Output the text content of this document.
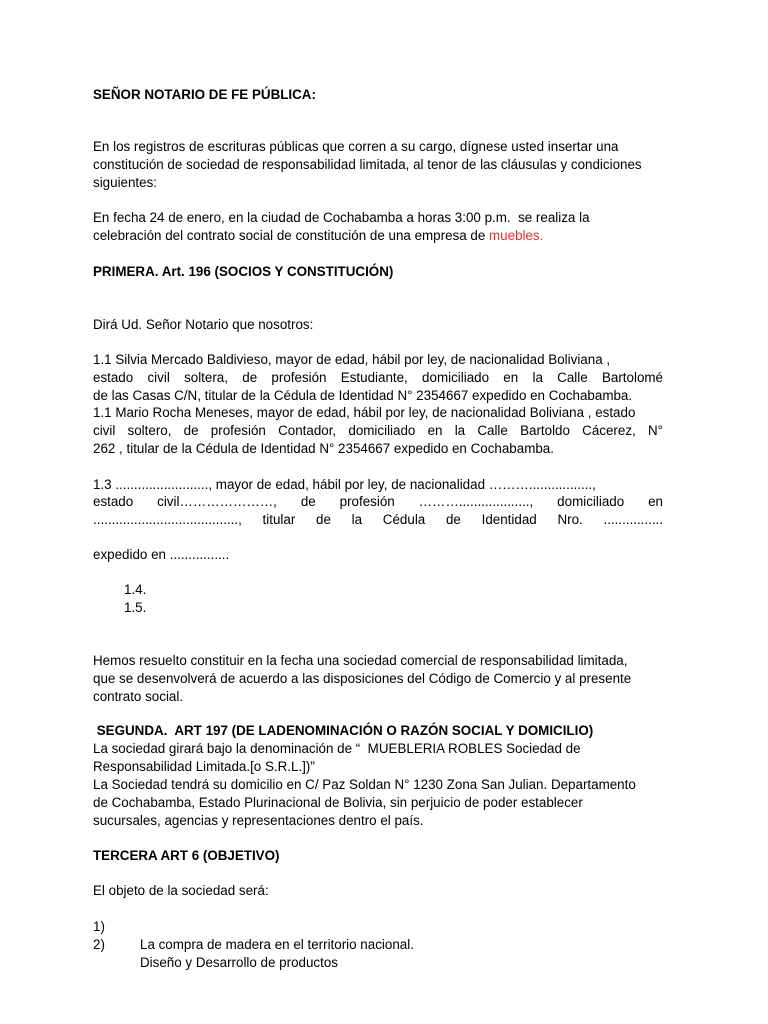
SEÑOR NOTARIO DE FE PÚBLICA:

En los registros de escrituras públicas que corren a su cargo, dígnese usted insertar una

constitución de sociedad de responsabilidad limitada, al tenor de las cláusulas y condiciones

siguientes:

En fecha 24 de enero, en la ciudad de Cochabamba a horas 3:00 p.m.  se realiza la

celebración del contrato social de constitución de una empresa de muebles.

PRIMERA. Art. 196 (SOCIOS Y CONSTITUCIÓN)

Dirá Ud. Señor Notario que nosotros:

1.1 Silvia Mercado Baldivieso, mayor de edad, hábil por ley, de nacionalidad Boliviana ,

estado civil soltera, de profesión Estudiante, domiciliado en la Calle Bartolomé

de las Casas C/N, titular de la Cédula de Identidad N° 2354667 expedido en Cochabamba.

1.1 Mario Rocha Meneses, mayor de edad, hábil por ley, de nacionalidad Boliviana , estado

civil soltero, de profesión Contador, domiciliado en la Calle Bartoldo Cácerez, N°

262 , titular de la Cédula de Identidad N° 2354667 expedido en Cochabamba.

1.3 ........................., mayor de edad, hábil por ley, de nacionalidad ……….................,

estado civil…………………, de profesión ………..................., domiciliado en

......................................., titular de la Cédula de Identidad Nro. ................

expedido en ................

1.4.

1.5.

Hemos resuelto constituir en la fecha una sociedad comercial de responsabilidad limitada,

que se desenvolverá de acuerdo a las disposiciones del Código de Comercio y al presente

contrato social.

SEGUNDA.  ART 197 (DE LADENOMINACIÓN O RAZÓN SOCIAL Y DOMICILIO)

La sociedad girará bajo la denominación de “  MUEBLERIA ROBLES Sociedad de

Responsabilidad Limitada.[o S.R.L.])”

La Sociedad tendrá su domicilio en C/ Paz Soldan N° 1230 Zona San Julian. Departamento

de Cochabamba, Estado Plurinacional de Bolivia, sin perjuicio de poder establecer

sucursales, agencias y representaciones dentro el país.

TERCERA ART 6 (OBJETIVO)

El objeto de la sociedad será:

1)

La compra de madera en el territorio nacional.

2)

Diseño y Desarrollo de productos
